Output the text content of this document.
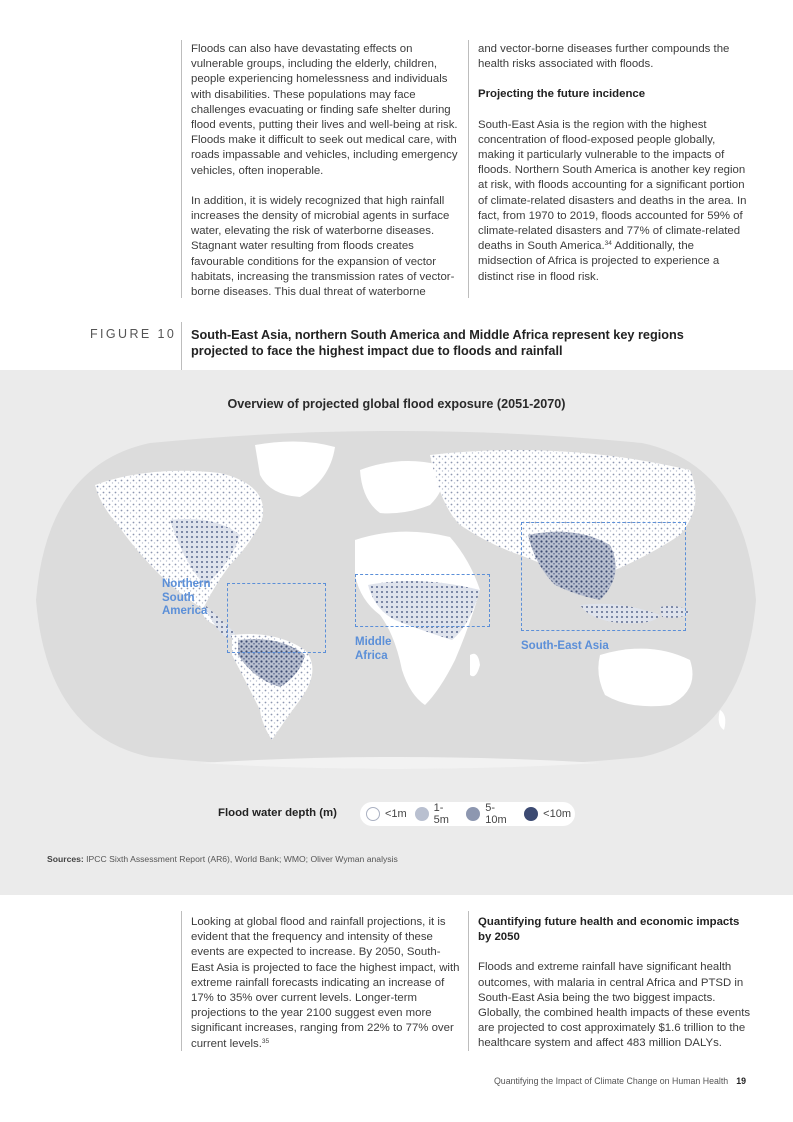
Floods can also have devastating effects on vulnerable groups, including the elderly, children, people experiencing homelessness and individuals with disabilities. These populations may face challenges evacuating or finding safe shelter during flood events, putting their lives and well-being at risk. Floods make it difficult to seek out medical care, with roads impassable and vehicles, including emergency vehicles, often inoperable.

In addition, it is widely recognized that high rainfall increases the density of microbial agents in surface water, elevating the risk of waterborne diseases. Stagnant water resulting from floods creates favourable conditions for the expansion of vector habitats, increasing the transmission rates of vector-borne diseases. This dual threat of waterborne

and vector-borne diseases further compounds the health risks associated with floods.

Projecting the future incidence

South-East Asia is the region with the highest concentration of flood-exposed people globally, making it particularly vulnerable to the impacts of floods. Northern South America is another key region at risk, with floods accounting for a significant portion of climate-related disasters and deaths in the area. In fact, from 1970 to 2019, floods accounted for 59% of climate-related disasters and 77% of climate-related deaths in South America.$^{34}$ Additionally, the midsection of Africa is projected to experience a distinct rise in flood risk.

FIGURE 10 South-East Asia, northern South America and Middle Africa represent key regions projected to face the highest impact due to floods and rainfall
Overview of projected global flood exposure (2051-2070)
Northern South America
Middle Africa
South-East Asia
Flood water depth (m)	<1m 1-5m
5-10m	<10m
Sources: IPCC Sixth Assessment Report (AR6), World Bank; WMO; Oliver Wyman analysis

Looking at global flood and rainfall projections, it is evident that the frequency and intensity of these events are expected to increase. By 2050, South-East Asia is projected to face the highest impact, with extreme rainfall forecasts indicating an increase of 17% to 35% over current levels. Longer-term projections to the year 2100 suggest even more significant increases, ranging from 22% to 77% over current levels.$^{35}$

Quantifying future health and economic impacts by 2050

Floods and extreme rainfall have significant health outcomes, with malaria in central Africa and PTSD in South-East Asia being the two biggest impacts. Globally, the combined health impacts of these events are projected to cost approximately $1.6 trillion to the healthcare system and affect 483 million DALYs.

Quantifying the Impact of Climate Change on Human Health 19
